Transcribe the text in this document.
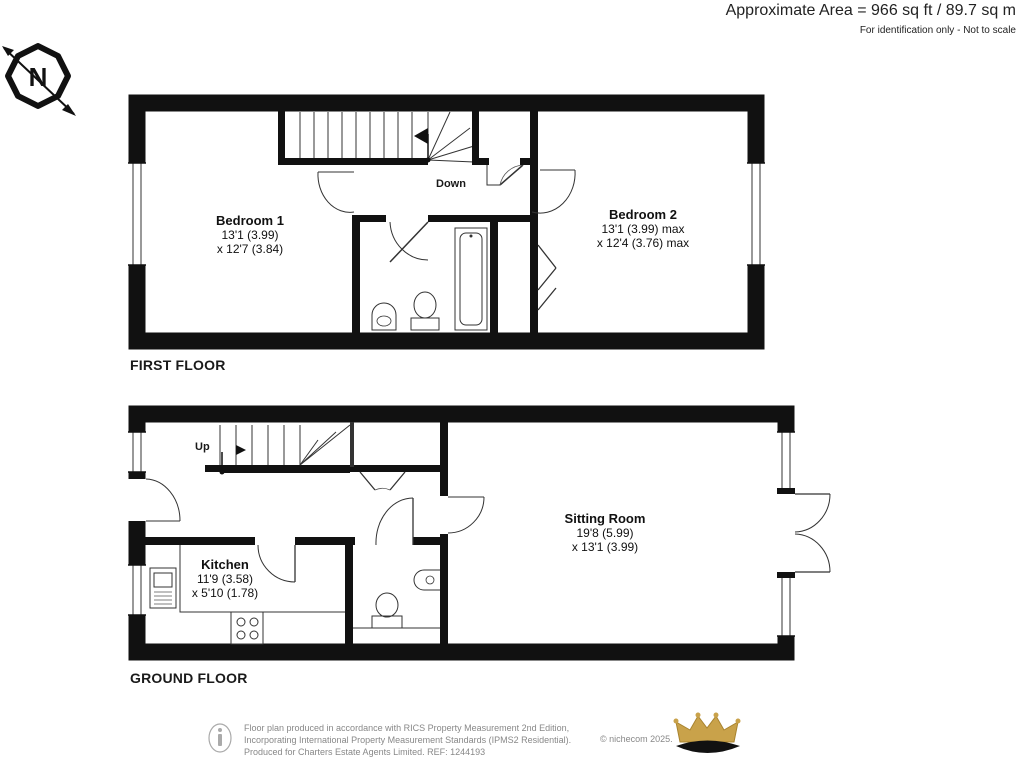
N
Approximate Area = 966 sq ft / 89.7 sq m
For identification only - Not to scale
FIRST FLOOR
GROUND FLOOR
Down
Up
Bedroom 1
13'1 (3.99)
x 12'7 (3.84)
Bedroom 2
13'1 (3.99) max
x 12'4 (3.76) max
Kitchen
11'9 (3.58)
x 5'10 (1.78)
Sitting Room
19'8 (5.99)
x 13'1 (3.99)
Floor plan produced in accordance with RICS Property Measurement 2nd Edition,
Incorporating International Property Measurement Standards (IPMS2 Residential).
Produced for Charters Estate Agents Limited. REF: 1244193
© nichecom 2025.
